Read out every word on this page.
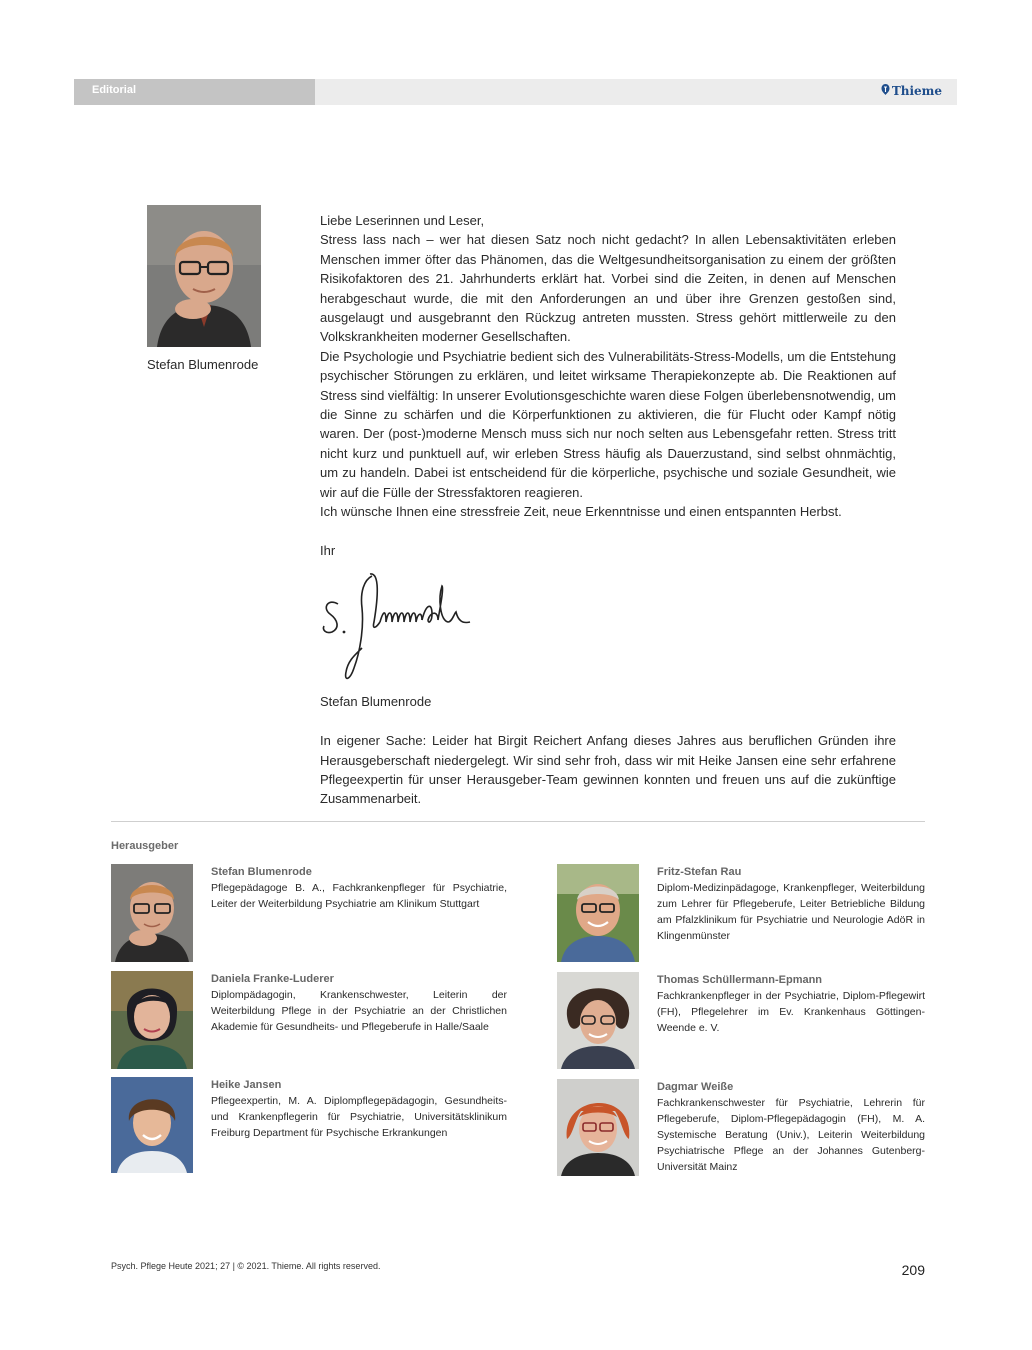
Editorial	Thieme
Stefan Blumenrode

Liebe Leserinnen und Leser,

Stress lass nach – wer hat diesen Satz noch nicht gedacht? In allen Lebensaktivitäten erleben Menschen immer öfter das Phänomen, das die Weltgesundheitsorganisation zu einem der größten Risikofaktoren des 21. Jahrhunderts erklärt hat. Vorbei sind die Zeiten, in denen auf Menschen herabgeschaut wurde, die mit den Anforderungen an und über ihre Grenzen gestoßen sind, ausgelaugt und ausgebrannt den Rückzug antreten mussten. Stress gehört mittlerweile zu den Volkskrankheiten moderner Gesellschaften.

Die Psychologie und Psychiatrie bedient sich des Vulnerabilitäts-Stress-Modells, um die Entstehung psychischer Störungen zu erklären, und leitet wirksame Therapiekonzepte ab. Die Reaktionen auf Stress sind vielfältig: In unserer Evolutionsgeschichte waren diese Folgen überlebensnotwendig, um die Sinne zu schärfen und die Körperfunktionen zu aktivieren, die für Flucht oder Kampf nötig waren. Der (post-)moderne Mensch muss sich nur noch selten aus Lebensgefahr retten. Stress tritt nicht kurz und punktuell auf, wir erleben Stress häufig als Dauerzustand, sind selbst ohnmächtig, um zu handeln. Dabei ist entscheidend für die körperliche, psychische und soziale Gesundheit, wie wir auf die Fülle der Stressfaktoren reagieren.

Ich wünsche Ihnen eine stressfreie Zeit, neue Erkenntnisse und einen entspannten Herbst.

Ihr

Stefan Blumenrode

In eigener Sache: Leider hat Birgit Reichert Anfang dieses Jahres aus beruflichen Gründen ihre Herausgeberschaft niedergelegt. Wir sind sehr froh, dass wir mit Heike Jansen eine sehr erfahrene Pflegeexpertin für unser Herausgeber-Team gewinnen konnten und freuen uns auf die zukünftige Zusammenarbeit.

Herausgeber
Stefan Blumenrode
Pflegepädagoge B. A., Fachkrankenpfleger für Psychiatrie, Leiter der Weiterbildung Psychiatrie am Klinikum Stuttgart
Daniela Franke-Luderer
Diplompädagogin, Krankenschwester, Leiterin der Weiterbildung Pflege in der Psychiatrie an der Christlichen Akademie für Gesundheits- und Pflegeberufe in Halle/Saale
Heike Jansen
Pflegeexpertin, M. A. Diplompflegepädagogin, Gesundheits- und Krankenpflegerin für Psychiatrie, Universitätsklinikum Freiburg Department für Psychische Erkrankungen
Fritz-Stefan Rau
Diplom-Medizinpädagoge, Krankenpfleger, Weiterbildung zum Lehrer für Pflegeberufe, Leiter Betriebliche Bildung am Pfalzklinikum für Psychiatrie und Neurologie AdöR in Klingenmünster
Thomas Schüllermann-Epmann
Fachkrankenpfleger in der Psychiatrie, Diplom-Pflegewirt (FH), Pflegelehrer im Ev. Krankenhaus Göttingen-Weende e. V.
Dagmar Weiße
Fachkrankenschwester für Psychiatrie, Lehrerin für Pflegeberufe, Diplom-Pflegepädagogin (FH), M. A. Systemische Beratung (Univ.), Leiterin Weiterbildung Psychiatrische Pflege an der Johannes Gutenberg-Universität Mainz
Psych. Pflege Heute 2021; 27 | © 2021. Thieme. All rights reserved.	209
